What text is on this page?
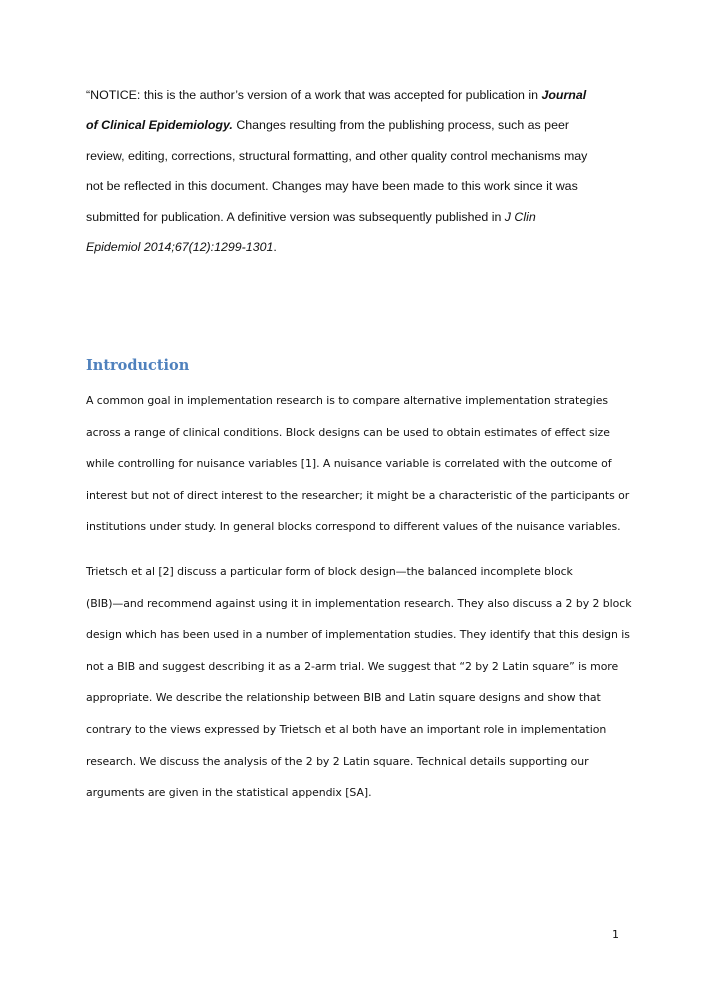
“NOTICE: this is the author’s version of a work that was accepted for publication in Journal
of Clinical Epidemiology. Changes resulting from the publishing process, such as peer
review, editing, corrections, structural formatting, and other quality control mechanisms may
not be reflected in this document. Changes may have been made to this work since it was
submitted for publication. A definitive version was subsequently published in J Clin
Epidemiol 2014;67(12):1299-1301.

Introduction

A common goal in implementation research is to compare alternative implementation strategies
across a range of clinical conditions. Block designs can be used to obtain estimates of effect size
while controlling for nuisance variables [1]. A nuisance variable is correlated with the outcome of
interest but not of direct interest to the researcher; it might be a characteristic of the participants or
institutions under study. In general blocks correspond to different values of the nuisance variables.

Trietsch et al [2] discuss a particular form of block design—the balanced incomplete block
(BIB)—and recommend against using it in implementation research. They also discuss a 2 by 2 block
design which has been used in a number of implementation studies. They identify that this design is
not a BIB and suggest describing it as a 2-arm trial. We suggest that “2 by 2 Latin square” is more
appropriate. We describe the relationship between BIB and Latin square designs and show that
contrary to the views expressed by Trietsch et al both have an important role in implementation
research. We discuss the analysis of the 2 by 2 Latin square. Technical details supporting our
arguments are given in the statistical appendix [SA].

1
